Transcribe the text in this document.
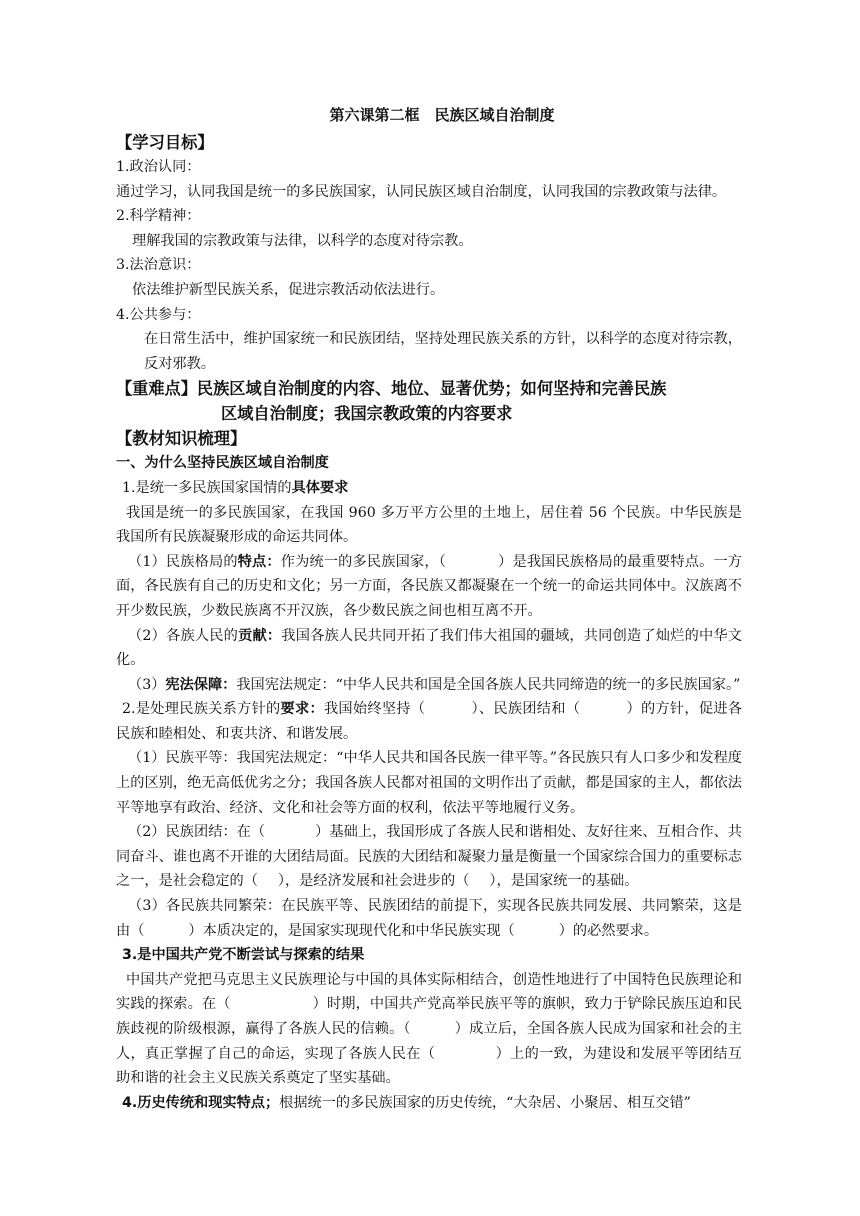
第六课第二框　民族区域自治制度
【学习目标】
1.政治认同：

通过学习，认同我国是统一的多民族国家，认同民族区域自治制度，认同我国的宗教政策与法律。

2.科学精神：

理解我国的宗教政策与法律，以科学的态度对待宗教。

3.法治意识：

依法维护新型民族关系，促进宗教活动依法进行。

4.公共参与：

在日常生活中，维护国家统一和民族团结，坚持处理民族关系的方针，以科学的态度对待宗教，反对邪教。

【重难点】民族区域自治制度的内容、地位、显著优势；如何坚持和完善民族
区域自治制度；我国宗教政策的内容要求
【教材知识梳理】
一、为什么坚持民族区域自治制度
1.是统一多民族国家国情的具体要求

我国是统一的多民族国家，在我国 960 多万平方公里的土地上，居住着 56 个民族。中华民族是我国所有民族凝聚形成的命运共同体。

（1）民族格局的特点：作为统一的多民族国家，（	）是我国民族格局的最重要特点。一方面，各民族有自己的历史和文化；另一方面，各民族又都凝聚在一个统一的命运共同体中。汉族离不开少数民族，少数民族离不开汉族，各少数民族之间也相互离不开。

（2）各族人民的贡献：我国各族人民共同开拓了我们伟大祖国的疆域，共同创造了灿烂的中华文化。

（3）宪法保障：我国宪法规定：“中华人民共和国是全国各族人民共同缔造的统一的多民族国家。”

2.是处理民族关系方针的要求：我国始终坚持（	）、民族团结和（	）的方针，促进各民族和睦相处、和衷共济、和谐发展。

（1）民族平等：我国宪法规定：“中华人民共和国各民族一律平等。”各民族只有人口多少和发程度上的区别，绝无高低优劣之分；我国各族人民都对祖国的文明作出了贡献，都是国家的主人，都依法平等地享有政治、经济、文化和社会等方面的权利，依法平等地履行义务。

（2）民族团结：在（	）基础上，我国形成了各族人民和谐相处、友好往来、互相合作、共同奋斗、谁也离不开谁的大团结局面。民族的大团结和凝聚力量是衡量一个国家综合国力的重要标志之一，是社会稳定的（ ），是经济发展和社会进步的（ ），是国家统一的基础。

（3）各民族共同繁荣：在民族平等、民族团结的前提下，实现各民族共同发展、共同繁荣，这是由（	）本质决定的，是国家实现现代化和中华民族实现（	）的必然要求。

3.是中国共产党不断尝试与探索的结果

中国共产党把马克思主义民族理论与中国的具体实际相结合，创造性地进行了中国特色民族理论和实践的探索。在（	）时期，中国共产党高举民族平等的旗帜，致力于铲除民族压迫和民族歧视的阶级根源，赢得了各族人民的信赖。（	）成立后，全国各族人民成为国家和社会的主人，真正掌握了自己的命运，实现了各族人民在（	）上的一致，为建设和发展平等团结互助和谐的社会主义民族关系奠定了坚实基础。

4.历史传统和现实特点；根据统一的多民族国家的历史传统，“大杂居、小聚居、相互交错”
